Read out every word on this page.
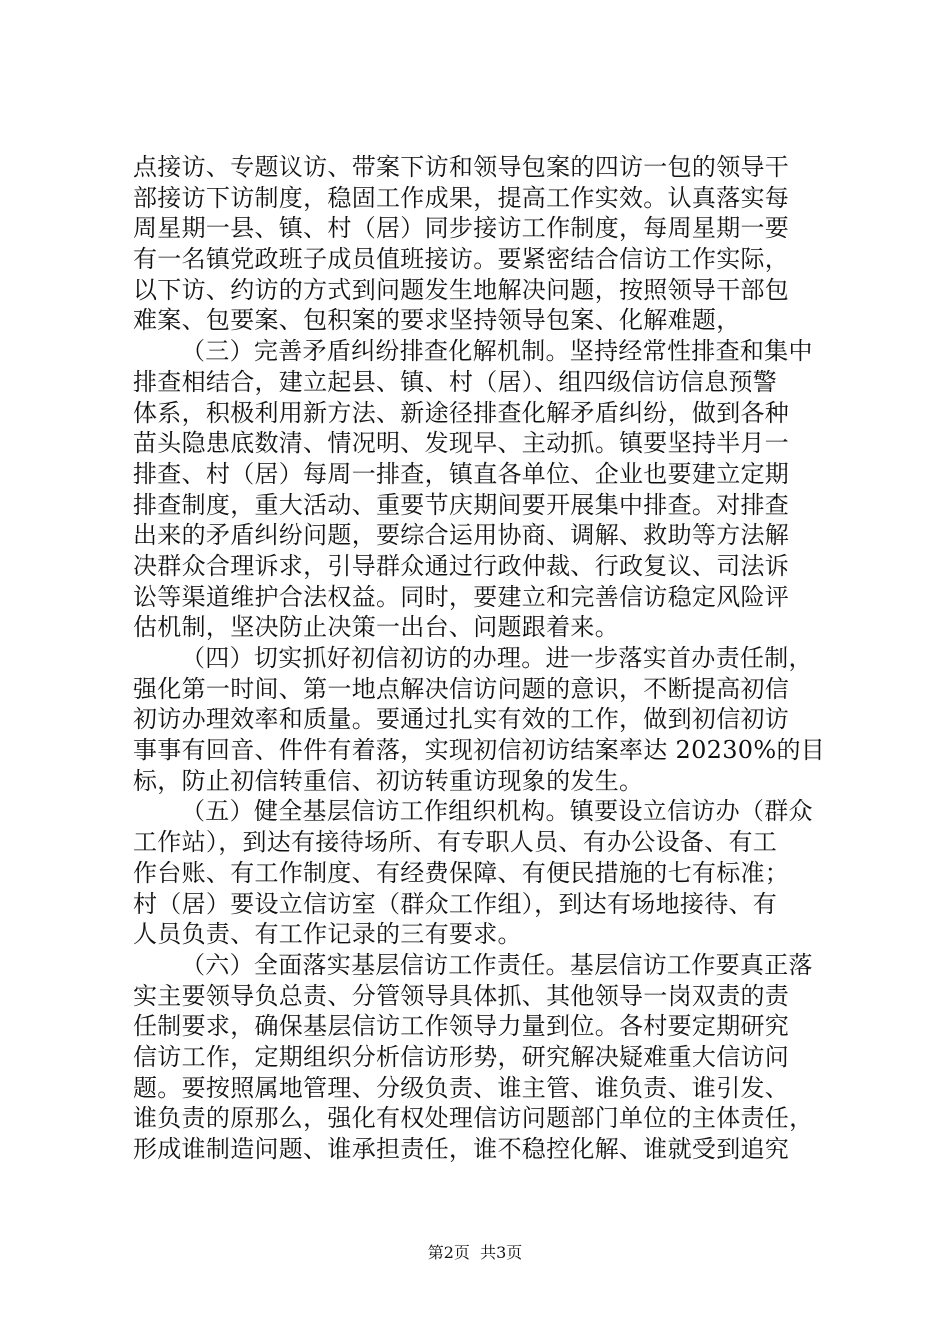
点接访、专题议访、带案下访和领导包案的四访一包的领导干
部接访下访制度，稳固工作成果，提高工作实效。认真落实每
周星期一县、镇、村（居）同步接访工作制度，每周星期一要
有一名镇党政班子成员值班接访。要紧密结合信访工作实际，
以下访、约访的方式到问题发生地解决问题，按照领导干部包
难案、包要案、包积案的要求坚持领导包案、化解难题，
（三）完善矛盾纠纷排查化解机制。坚持经常性排查和集中
排查相结合，建立起县、镇、村（居）、组四级信访信息预警
体系，积极利用新方法、新途径排查化解矛盾纠纷，做到各种
苗头隐患底数清、情况明、发现早、主动抓。镇要坚持半月一
排查、村（居）每周一排查，镇直各单位、企业也要建立定期
排查制度，重大活动、重要节庆期间要开展集中排查。对排查
出来的矛盾纠纷问题，要综合运用协商、调解、救助等方法解
决群众合理诉求，引导群众通过行政仲裁、行政复议、司法诉
讼等渠道维护合法权益。同时，要建立和完善信访稳定风险评
估机制，坚决防止决策一出台、问题跟着来。
（四）切实抓好初信初访的办理。进一步落实首办责任制，
强化第一时间、第一地点解决信访问题的意识，不断提高初信
初访办理效率和质量。要通过扎实有效的工作，做到初信初访
事事有回音、件件有着落，实现初信初访结案率达 20230%的目
标，防止初信转重信、初访转重访现象的发生。
（五）健全基层信访工作组织机构。镇要设立信访办（群众
工作站），到达有接待场所、有专职人员、有办公设备、有工
作台账、有工作制度、有经费保障、有便民措施的七有标准；
村（居）要设立信访室（群众工作组），到达有场地接待、有
人员负责、有工作记录的三有要求。
（六）全面落实基层信访工作责任。基层信访工作要真正落
实主要领导负总责、分管领导具体抓、其他领导一岗双责的责
任制要求，确保基层信访工作领导力量到位。各村要定期研究
信访工作，定期组织分析信访形势，研究解决疑难重大信访问
题。要按照属地管理、分级负责、谁主管、谁负责、谁引发、
谁负责的原那么，强化有权处理信访问题部门单位的主体责任，
形成谁制造问题、谁承担责任，谁不稳控化解、谁就受到追究
第2页 共3页
